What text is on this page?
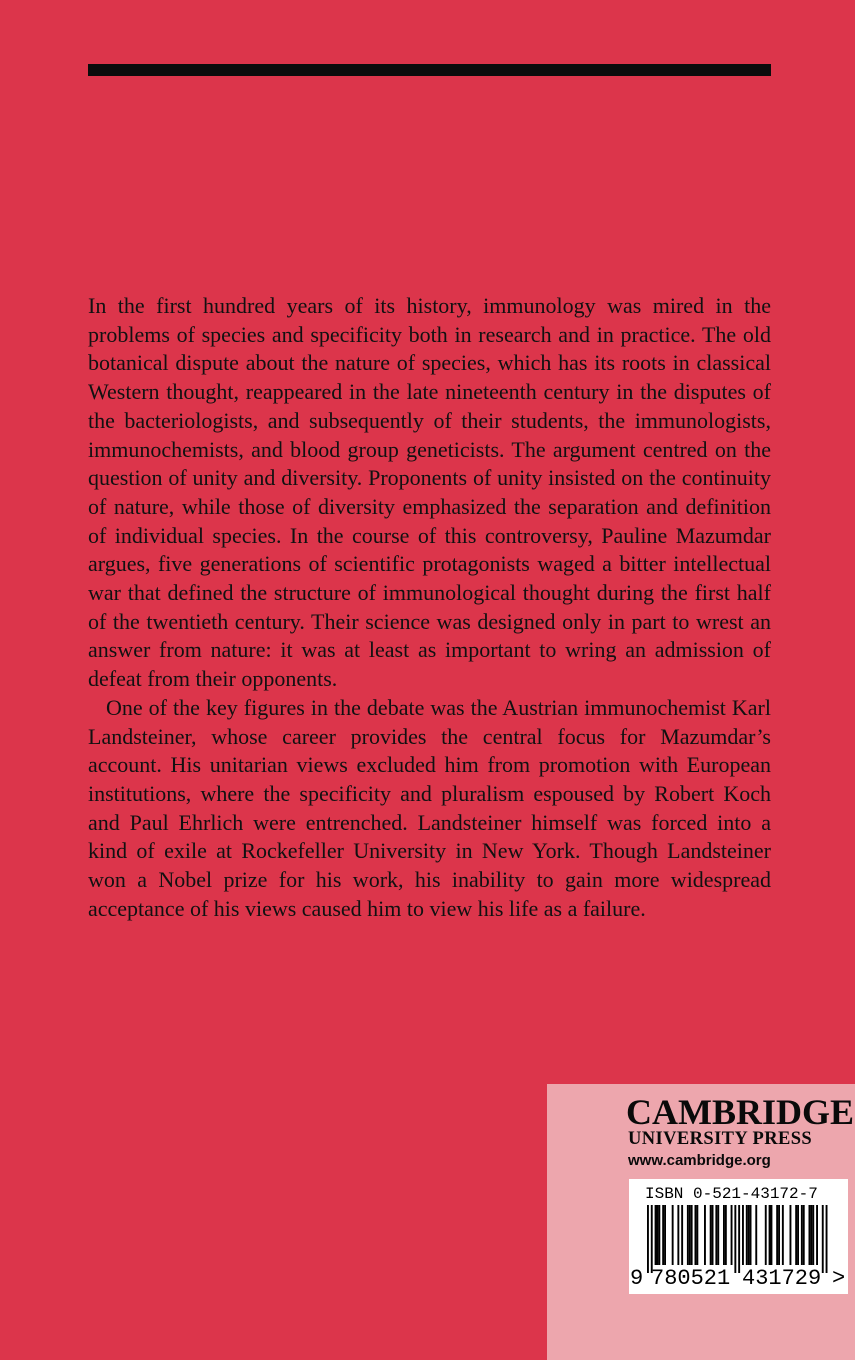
In the first hundred years of its history, immunology was mired in the problems of species and specificity both in research and in practice. The old botanical dispute about the nature of species, which has its roots in classical Western thought, reappeared in the late nineteenth century in the disputes of the bacteriologists, and subsequently of their students, the immunologists, immunochemists, and blood group geneticists. The argument centred on the question of unity and diversity. Proponents of unity insisted on the continuity of nature, while those of diversity emphasized the separation and definition of individual species. In the course of this controversy, Pauline Mazumdar argues, five generations of scientific protagonists waged a bitter intellectual war that defined the structure of immunological thought during the first half of the twentieth century. Their science was designed only in part to wrest an answer from nature: it was at least as important to wring an admission of defeat from their opponents.

One of the key figures in the debate was the Austrian immunochemist Karl Landsteiner, whose career provides the central focus for Mazumdar’s account. His unitarian views excluded him from promotion with European institutions, where the specificity and pluralism espoused by Robert Koch and Paul Ehrlich were entrenched. Landsteiner himself was forced into a kind of exile at Rockefeller University in New York. Though Landsteiner won a Nobel prize for his work, his inability to gain more widespread acceptance of his views caused him to view his life as a failure.

CAMBRIDGE
UNIVERSITY PRESS
www.cambridge.org
ISBN 0-521-43172-7
9 780521 431729 >
